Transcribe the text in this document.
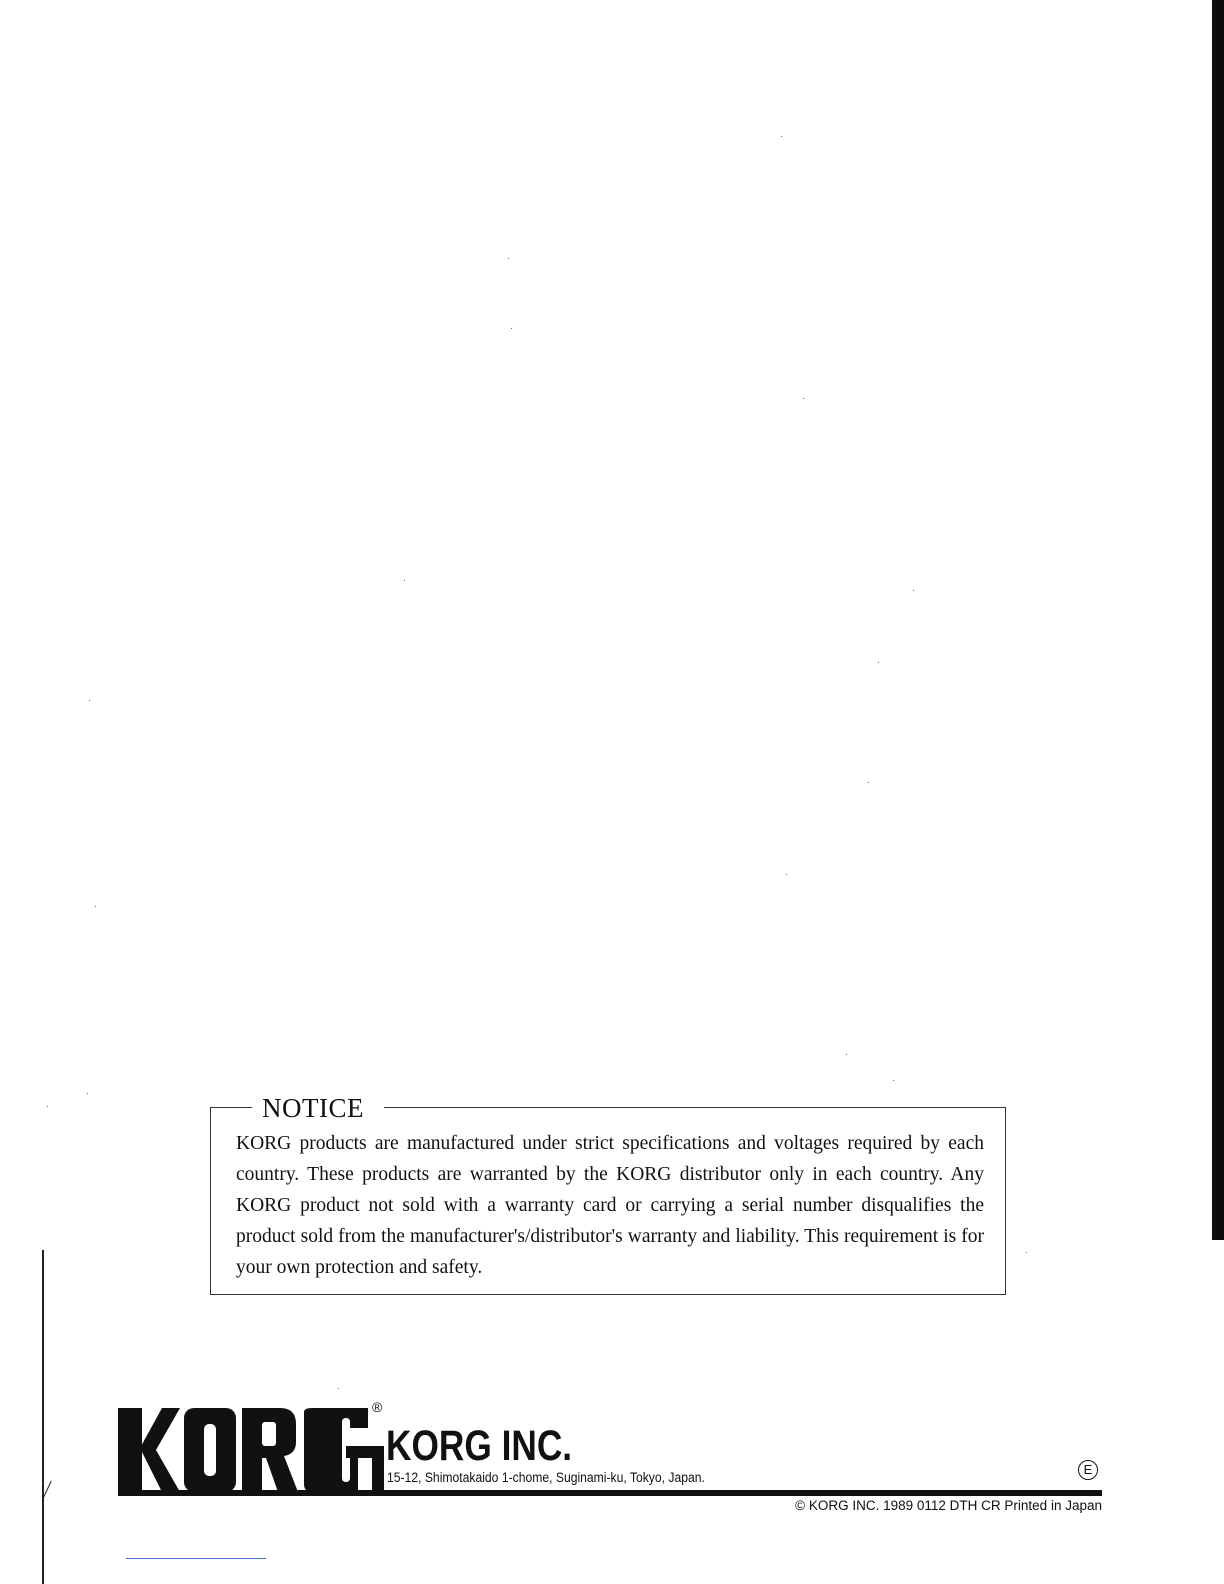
NOTICE
KORG products are manufactured under strict specifications and voltages required by each country. These products are warranted by the KORG distributor only in each country. Any KORG product not sold with a warranty card or carrying a serial number disqualifies the product sold from the manufacturer's/distributor's warranty and liability. This requirement is for your own protection and safety.
®
KORG INC.
15-12, Shimotakaido 1-chome, Suginami-ku, Tokyo, Japan.
E
© KORG INC. 1989 0112 DTH CR Printed in Japan
